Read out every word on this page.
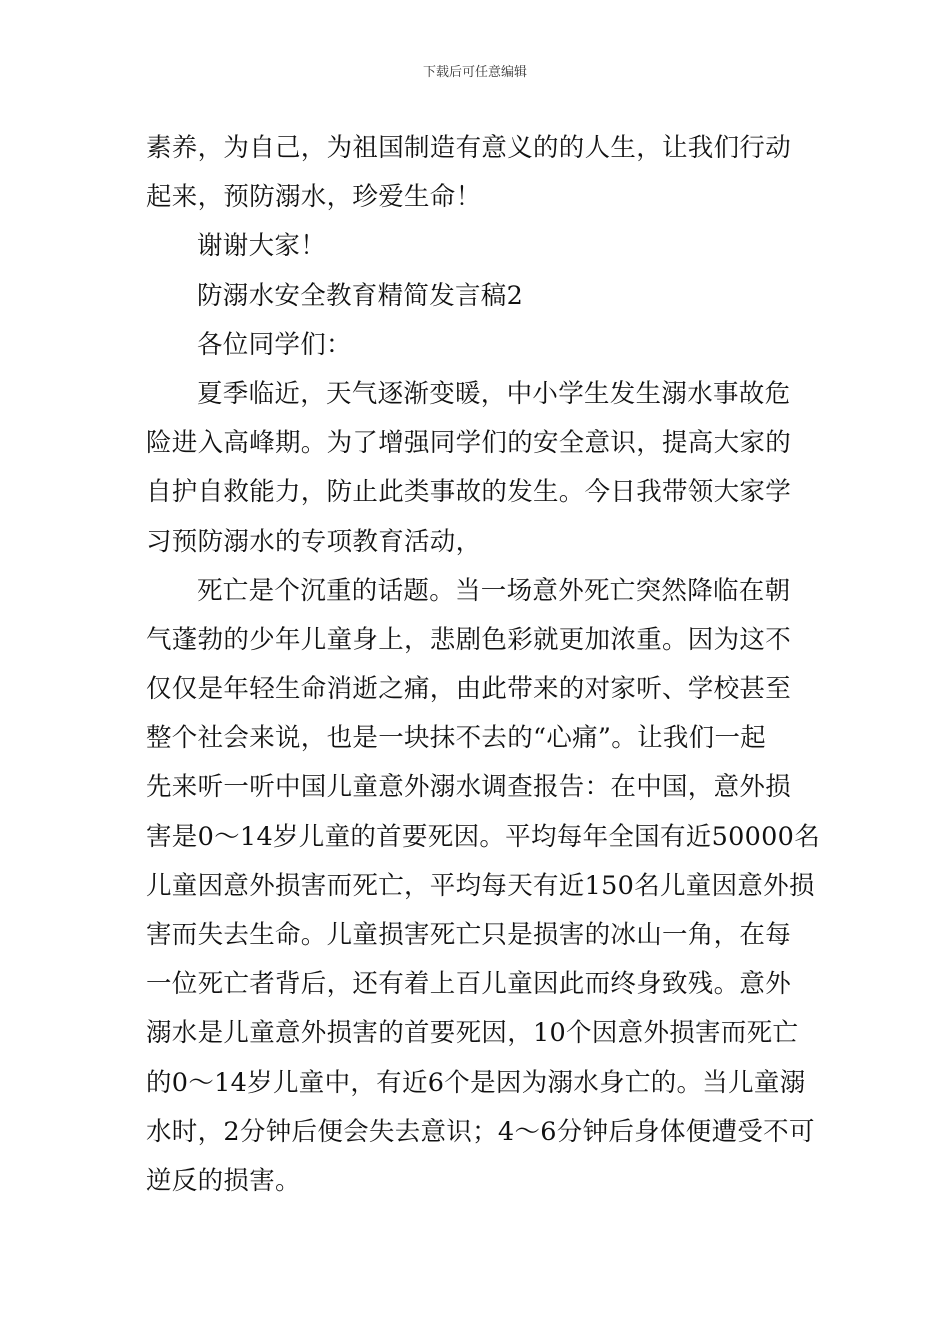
下载后可任意编辑
素养，为自己，为祖国制造有意义的的人生，让我们行动
起来，预防溺水，珍爱生命！
谢谢大家！
防溺水安全教育精简发言稿2
各位同学们：
夏季临近，天气逐渐变暖，中小学生发生溺水事故危
险进入高峰期。为了增强同学们的安全意识，提高大家的
自护自救能力，防止此类事故的发生。今日我带领大家学
习预防溺水的专项教育活动，
死亡是个沉重的话题。当一场意外死亡突然降临在朝
气蓬勃的少年儿童身上，悲剧色彩就更加浓重。因为这不
仅仅是年轻生命消逝之痛，由此带来的对家听、学校甚至
整个社会来说，也是一块抹不去的“心痛”。让我们一起
先来听一听中国儿童意外溺水调查报告：在中国，意外损
害是0～14岁儿童的首要死因。平均每年全国有近50000名
儿童因意外损害而死亡，平均每天有近150名儿童因意外损
害而失去生命。儿童损害死亡只是损害的冰山一角，在每
一位死亡者背后，还有着上百儿童因此而终身致残。意外
溺水是儿童意外损害的首要死因，10个因意外损害而死亡
的0～14岁儿童中，有近6个是因为溺水身亡的。当儿童溺
水时，2分钟后便会失去意识；4～6分钟后身体便遭受不可
逆反的损害。
